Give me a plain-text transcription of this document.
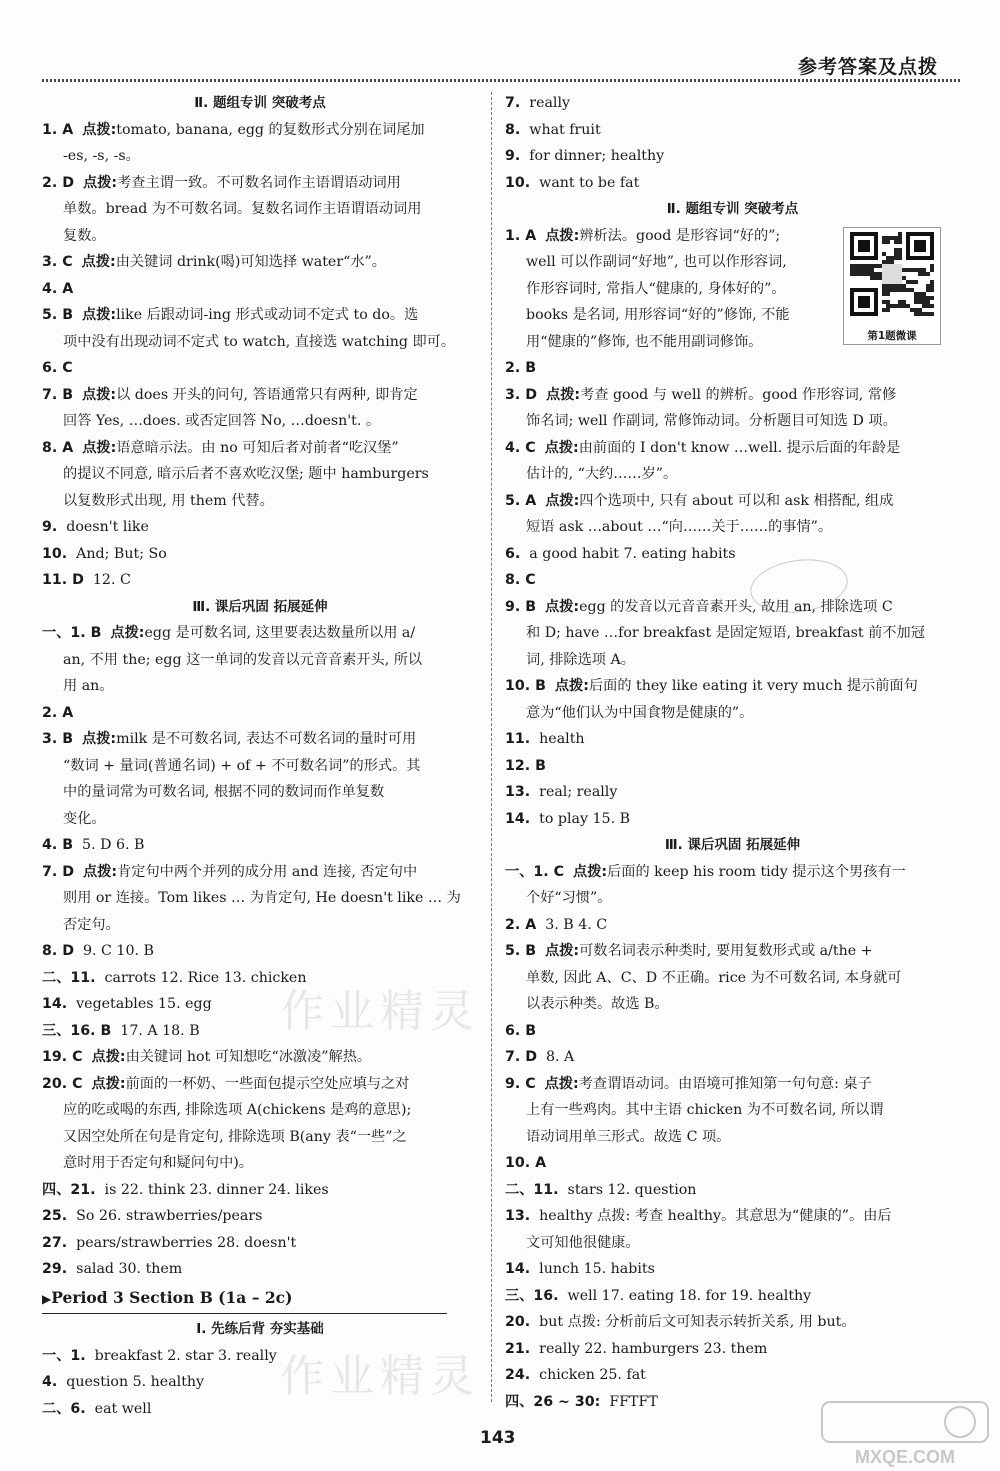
参考答案及点拨
Ⅱ. 题组专训 突破考点
1. A 点拨:tomato, banana, egg 的复数形式分别在词尾加
-es, -s, -s。
2. D 点拨:考查主谓一致。不可数名词作主语谓语动词用
单数。bread 为不可数名词。复数名词作主语谓语动词用
复数。
3. C 点拨:由关键词 drink(喝)可知选择 water“水”。
4. A
5. B 点拨:like 后跟动词-ing 形式或动词不定式 to do。选
项中没有出现动词不定式 to watch, 直接选 watching 即可。
6. C
7. B 点拨:以 does 开头的问句, 答语通常只有两种, 即肯定
回答 Yes, …does. 或否定回答 No, …doesn't. 。
8. A 点拨:语意暗示法。由 no 可知后者对前者“吃汉堡”
的提议不同意, 暗示后者不喜欢吃汉堡; 题中 hamburgers
以复数形式出现, 用 them 代替。
9. doesn't like
10. And; But; So
11. D 12. C
Ⅲ. 课后巩固 拓展延伸
一、1. B 点拨:egg 是可数名词, 这里要表达数量所以用 a/
an, 不用 the; egg 这一单词的发音以元音音素开头, 所以
用 an。
2. A
3. B 点拨:milk 是不可数名词, 表达不可数名词的量时可用
“数词 + 量词(普通名词) + of + 不可数名词”的形式。其
中的量词常为可数名词, 根据不同的数词而作单复数
变化。
4. B 5. D 6. B
7. D 点拨:肯定句中两个并列的成分用 and 连接, 否定句中
则用 or 连接。Tom likes … 为肯定句, He doesn't like … 为
否定句。
8. D 9. C 10. B
二、11. carrots 12. Rice 13. chicken
14. vegetables 15. egg
三、16. B 17. A 18. B
19. C 点拨:由关键词 hot 可知想吃“冰激凌”解热。
20. C 点拨:前面的一杯奶、一些面包提示空处应填与之对
应的吃或喝的东西, 排除选项 A(chickens 是鸡的意思);
又因空处所在句是肯定句, 排除选项 B(any 表“一些”之
意时用于否定句和疑问句中)。
四、21. is 22. think 23. dinner 24. likes
25. So 26. strawberries/pears
27. pears/strawberries 28. doesn't
29. salad 30. them
▶Period 3 Section B (1a – 2c)
Ⅰ. 先练后背 夯实基础
一、1. breakfast 2. star 3. really
4. question 5. healthy
二、6. eat well
7. really
8. what fruit
9. for dinner; healthy
10. want to be fat
Ⅱ. 题组专训 突破考点
1. A 点拨:辨析法。good 是形容词“好的”;
well 可以作副词“好地”, 也可以作形容词,
作形容词时, 常指人“健康的, 身体好的”。
books 是名词, 用形容词“好的”修饰, 不能
用“健康的”修饰, 也不能用副词修饰。
2. B
3. D 点拨:考查 good 与 well 的辨析。good 作形容词, 常修
饰名词; well 作副词, 常修饰动词。分析题目可知选 D 项。
4. C 点拨:由前面的 I don't know …well. 提示后面的年龄是
估计的, “大约……岁”。
5. A 点拨:四个选项中, 只有 about 可以和 ask 相搭配, 组成
短语 ask …about …“向……关于……的事情”。
6. a good habit 7. eating habits
8. C
9. B 点拨:egg 的发音以元音音素开头, 故用 an, 排除选项 C
和 D; have …for breakfast 是固定短语, breakfast 前不加冠
词, 排除选项 A。
10. B 点拨:后面的 they like eating it very much 提示前面句
意为“他们认为中国食物是健康的”。
11. health
12. B
13. real; really
14. to play 15. B
Ⅲ. 课后巩固 拓展延伸
一、1. C 点拨:后面的 keep his room tidy 提示这个男孩有一
个好“习惯”。
2. A 3. B 4. C
5. B 点拨:可数名词表示种类时, 要用复数形式或 a/the +
单数, 因此 A、C、D 不正确。rice 为不可数名词, 本身就可
以表示种类。故选 B。
6. B
7. D 8. A
9. C 点拨:考查谓语动词。由语境可推知第一句句意: 桌子
上有一些鸡肉。其中主语 chicken 为不可数名词, 所以谓
语动词用单三形式。故选 C 项。
10. A
二、11. stars 12. question
13. healthy 点拨: 考查 healthy。其意思为“健康的”。由后
文可知他很健康。
14. lunch 15. habits
三、16. well 17. eating 18. for 19. healthy
20. but 点拨: 分析前后文可知表示转折关系, 用 but。
21. really 22. hamburgers 23. them
24. chicken 25. fat
四、26 ~ 30: FFTFT
第1题微课
作业精灵
作业精灵
143
MXQE.COM
